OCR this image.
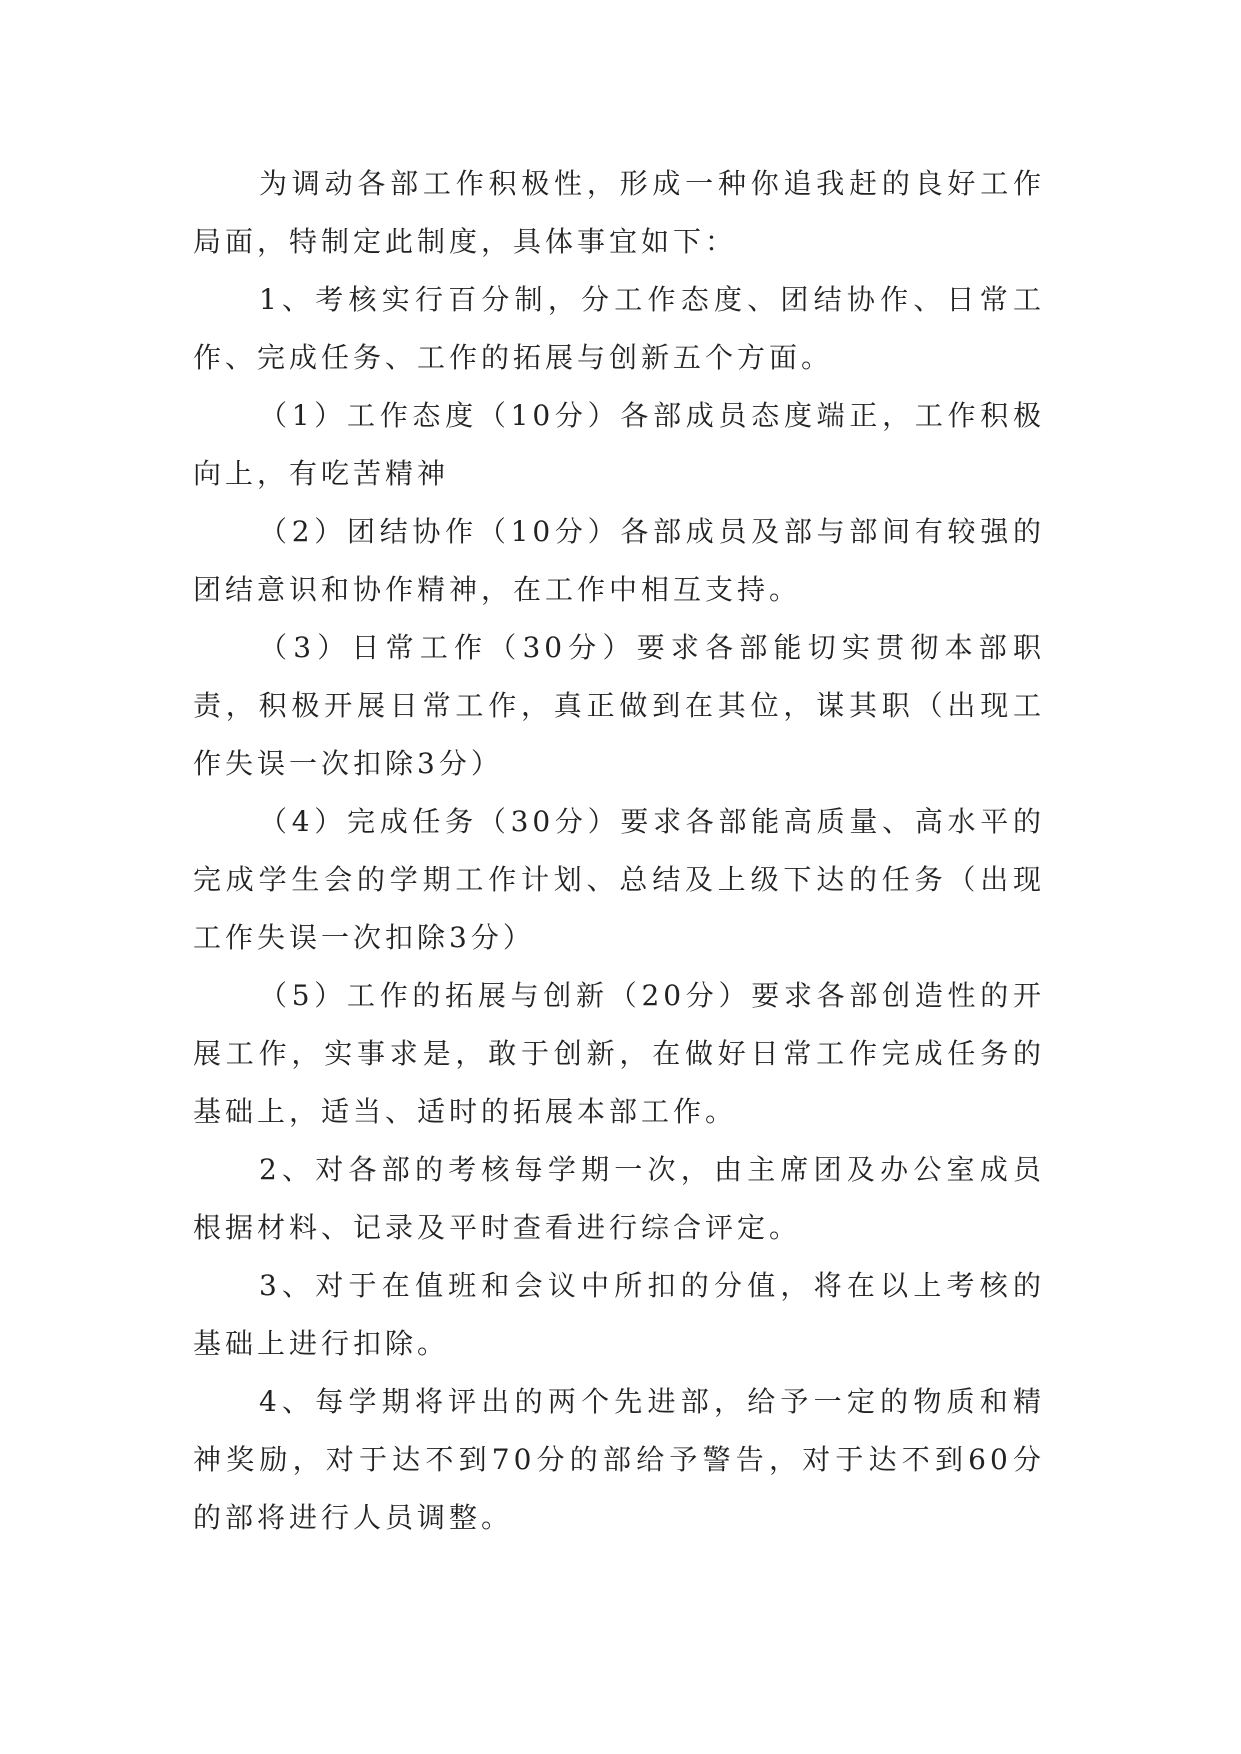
为调动各部工作积极性，形成一种你追我赶的良好工作局面，特制定此制度，具体事宜如下：

1、考核实行百分制，分工作态度、团结协作、日常工作、完成任务、工作的拓展与创新五个方面。

（1）工作态度（10分）各部成员态度端正，工作积极向上，有吃苦精神

（2）团结协作（10分）各部成员及部与部间有较强的团结意识和协作精神，在工作中相互支持。

（3）日常工作（30分）要求各部能切实贯彻本部职责，积极开展日常工作，真正做到在其位，谋其职（出现工作失误一次扣除3分）

（4）完成任务（30分）要求各部能高质量、高水平的完成学生会的学期工作计划、总结及上级下达的任务（出现工作失误一次扣除3分）

（5）工作的拓展与创新（20分）要求各部创造性的开展工作，实事求是，敢于创新，在做好日常工作完成任务的基础上，适当、适时的拓展本部工作。

2、对各部的考核每学期一次，由主席团及办公室成员根据材料、记录及平时查看进行综合评定。

3、对于在值班和会议中所扣的分值，将在以上考核的基础上进行扣除。

4、每学期将评出的两个先进部，给予一定的物质和精神奖励，对于达不到70分的部给予警告，对于达不到60分的部将进行人员调整。
